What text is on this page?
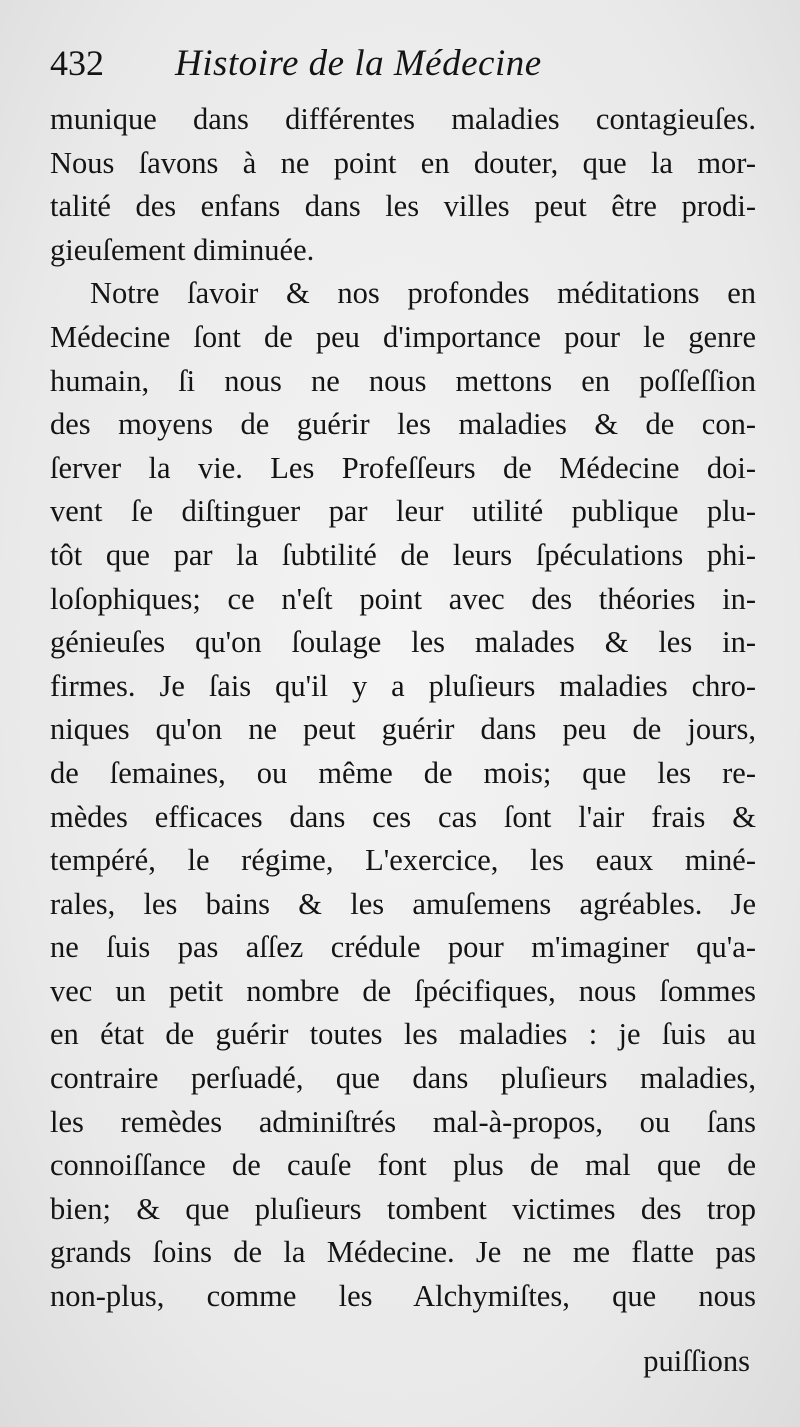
432	Histoire de la Médecine
munique dans différentes maladies contagieuſes.
Nous ſavons à ne point en douter, que la mor-
talité des enfans dans les villes peut être prodi-
gieuſement diminuée.
Notre ſavoir & nos profondes méditations en
Médecine ſont de peu d'importance pour le genre
humain, ſi nous ne nous mettons en poſſeſſion
des moyens de guérir les maladies & de con-
ſerver la vie. Les Profeſſeurs de Médecine doi-
vent ſe diſtinguer par leur utilité publique plu-
tôt que par la ſubtilité de leurs ſpéculations phi-
loſophiques; ce n'eſt point avec des théories in-
génieuſes qu'on ſoulage les malades & les in-
firmes. Je ſais qu'il y a pluſieurs maladies chro-
niques qu'on ne peut guérir dans peu de jours,
de ſemaines, ou même de mois; que les re-
mèdes efficaces dans ces cas ſont l'air frais &
tempéré, le régime, L'exercice, les eaux miné-
rales, les bains & les amuſemens agréables. Je
ne ſuis pas aſſez crédule pour m'imaginer qu'a-
vec un petit nombre de ſpécifiques, nous ſommes
en état de guérir toutes les maladies : je ſuis au
contraire perſuadé, que dans pluſieurs maladies,
les remèdes adminiſtrés mal-à-propos, ou ſans
connoiſſance de cauſe font plus de mal que de
bien; & que pluſieurs tombent victimes des trop
grands ſoins de la Médecine. Je ne me flatte pas
non-plus, comme les Alchymiſtes, que nous
puiſſions
